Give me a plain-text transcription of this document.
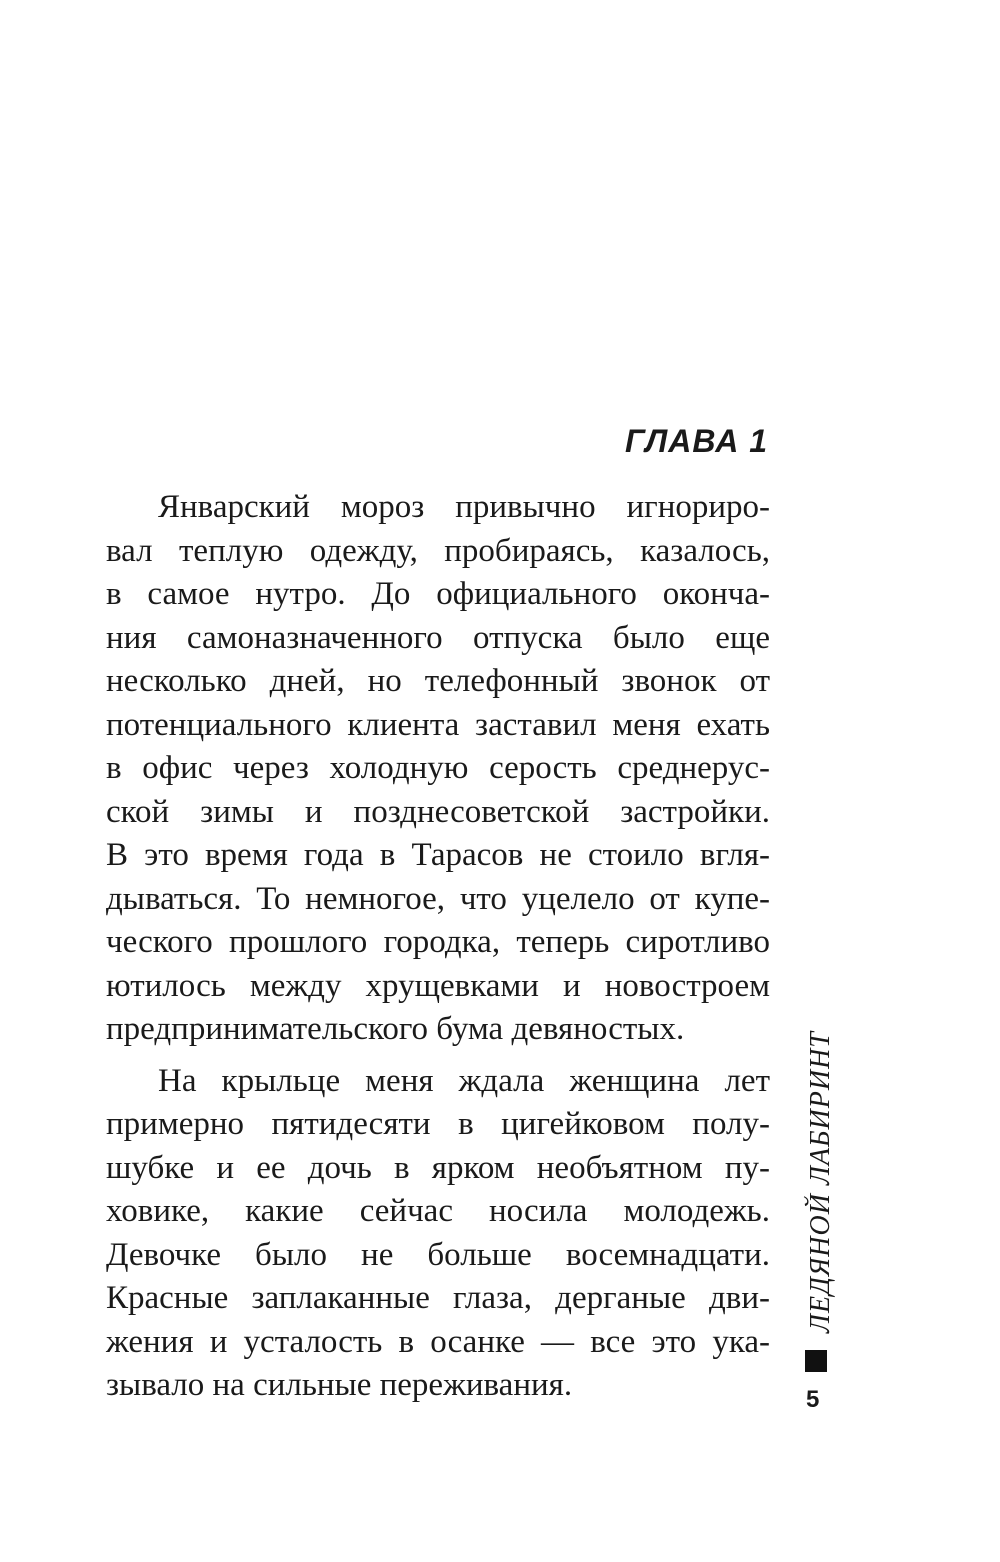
ГЛАВА 1
Январский мороз привычно игнориро-
вал теплую одежду, пробираясь, казалось,
в самое нутро. До официального оконча-
ния самоназначенного отпуска было еще
несколько дней, но телефонный звонок от
потенциального клиента заставил меня ехать
в офис через холодную серость среднерус-
ской зимы и позднесоветской застройки.
В это время года в Тарасов не стоило вгля-
дываться. То немногое, что уцелело от купе-
ческого прошлого городка, теперь сиротливо
ютилось между хрущевками и новостроем
предпринимательского бума девяностых.
На крыльце меня ждала женщина лет
примерно пятидесяти в цигейковом полу-
шубке и ее дочь в ярком необъятном пу-
ховике, какие сейчас носила молодежь.
Девочке было не больше восемнадцати.
Красные заплаканные глаза, дерганые дви-
жения и усталость в осанке — все это ука-
зывало на сильные переживания.
ЛЕДЯНОЙ ЛАБИРИНТ
5
